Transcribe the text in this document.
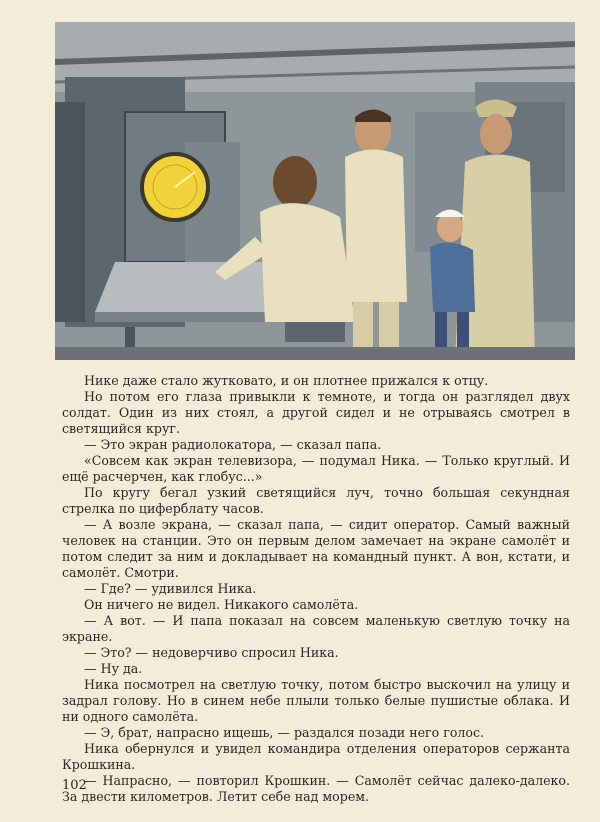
Нике даже стало жутковато, и он плотнее прижался к отцу.

Но потом его глаза привыкли к темноте, и тогда он разглядел двух солдат. Один из них стоял, а другой сидел и не отрываясь смотрел в светящийся круг.

— Это экран радиолокатора, — сказал папа.

«Совсем как экран телевизора, — подумал Ника. — Только круглый. И ещё расчерчен, как глобус...»

По кругу бегал узкий светящийся луч, точно большая секундная стрелка по циферблату часов.

— А возле экрана, — сказал папа, — сидит оператор. Самый важный человек на станции. Это он первым делом замечает на экране самолёт и потом следит за ним и докладывает на командный пункт. А вон, кстати, и самолёт. Смотри.

— Где? — удивился Ника.

Он ничего не видел. Никакого самолёта.

— А вот. — И папа показал на совсем маленькую светлую точку на экране.

— Это? — недоверчиво спросил Ника.

— Ну да.

Ника посмотрел на светлую точку, потом быстро выскочил на улицу и задрал голову. Но в синем небе плыли только белые пушистые облака. И ни одного самолёта.

— Э, брат, напрасно ищешь, — раздался позади него голос.

Ника обернулся и увидел командира отделения операторов сержанта Крошкина.

— Напрасно, — повторил Крошкин. — Самолёт сейчас далеко-далеко. За двести километров. Летит себе над морем.

102
